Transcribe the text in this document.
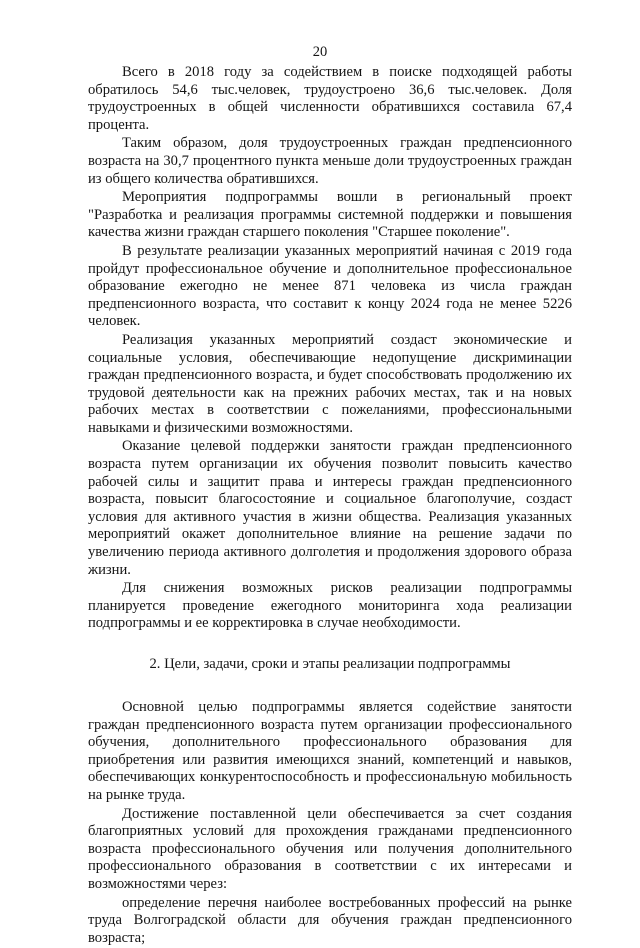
20

Всего в 2018 году за содействием в поиске подходящей работы обратилось 54,6 тыс.человек, трудоустроено 36,6 тыс.человек. Доля трудоустроенных в общей численности обратившихся составила 67,4 процента.

Таким образом, доля трудоустроенных граждан предпенсионного возраста на 30,7 процентного пункта меньше доли трудоустроенных граждан из общего количества обратившихся.

Мероприятия подпрограммы вошли в региональный проект "Разработка и реализация программы системной поддержки и повышения качества жизни граждан старшего поколения "Старшее поколение".

В результате реализации указанных мероприятий начиная с 2019 года пройдут профессиональное обучение и дополнительное профессиональное образование ежегодно не менее 871 человека из числа граждан предпенсионного возраста, что составит к концу 2024 года не менее 5226 человек.

Реализация указанных мероприятий создаст экономические и социальные условия, обеспечивающие недопущение дискриминации граждан предпенсионного возраста, и будет способствовать продолжению их трудовой деятельности как на прежних рабочих местах, так и на новых рабочих местах в соответствии с пожеланиями, профессиональными навыками и физическими возможностями.

Оказание целевой поддержки занятости граждан предпенсионного возраста путем организации их обучения позволит повысить качество рабочей силы и защитит права и интересы граждан предпенсионного возраста, повысит благосостояние и социальное благополучие, создаст условия для активного участия в жизни общества. Реализация указанных мероприятий окажет дополнительное влияние на решение задачи по увеличению периода активного долголетия и продолжения здорового образа жизни.

Для снижения возможных рисков реализации подпрограммы планируется проведение ежегодного мониторинга хода реализации подпрограммы и ее корректировка в случае необходимости.

2. Цели, задачи, сроки и этапы реализации подпрограммы

Основной целью подпрограммы является содействие занятости граждан предпенсионного возраста путем организации профессионального обучения, дополнительного профессионального образования для приобретения или развития имеющихся знаний, компетенций и навыков, обеспечивающих конкурентоспособность и профессиональную мобильность на рынке труда.

Достижение поставленной цели обеспечивается за счет создания благоприятных условий для прохождения гражданами предпенсионного возраста профессионального обучения или получения дополнительного профессионального образования в соответствии с их интересами и возможностями через:

определение перечня наиболее востребованных профессий на рынке труда Волгоградской области для обучения граждан предпенсионного возраста;
